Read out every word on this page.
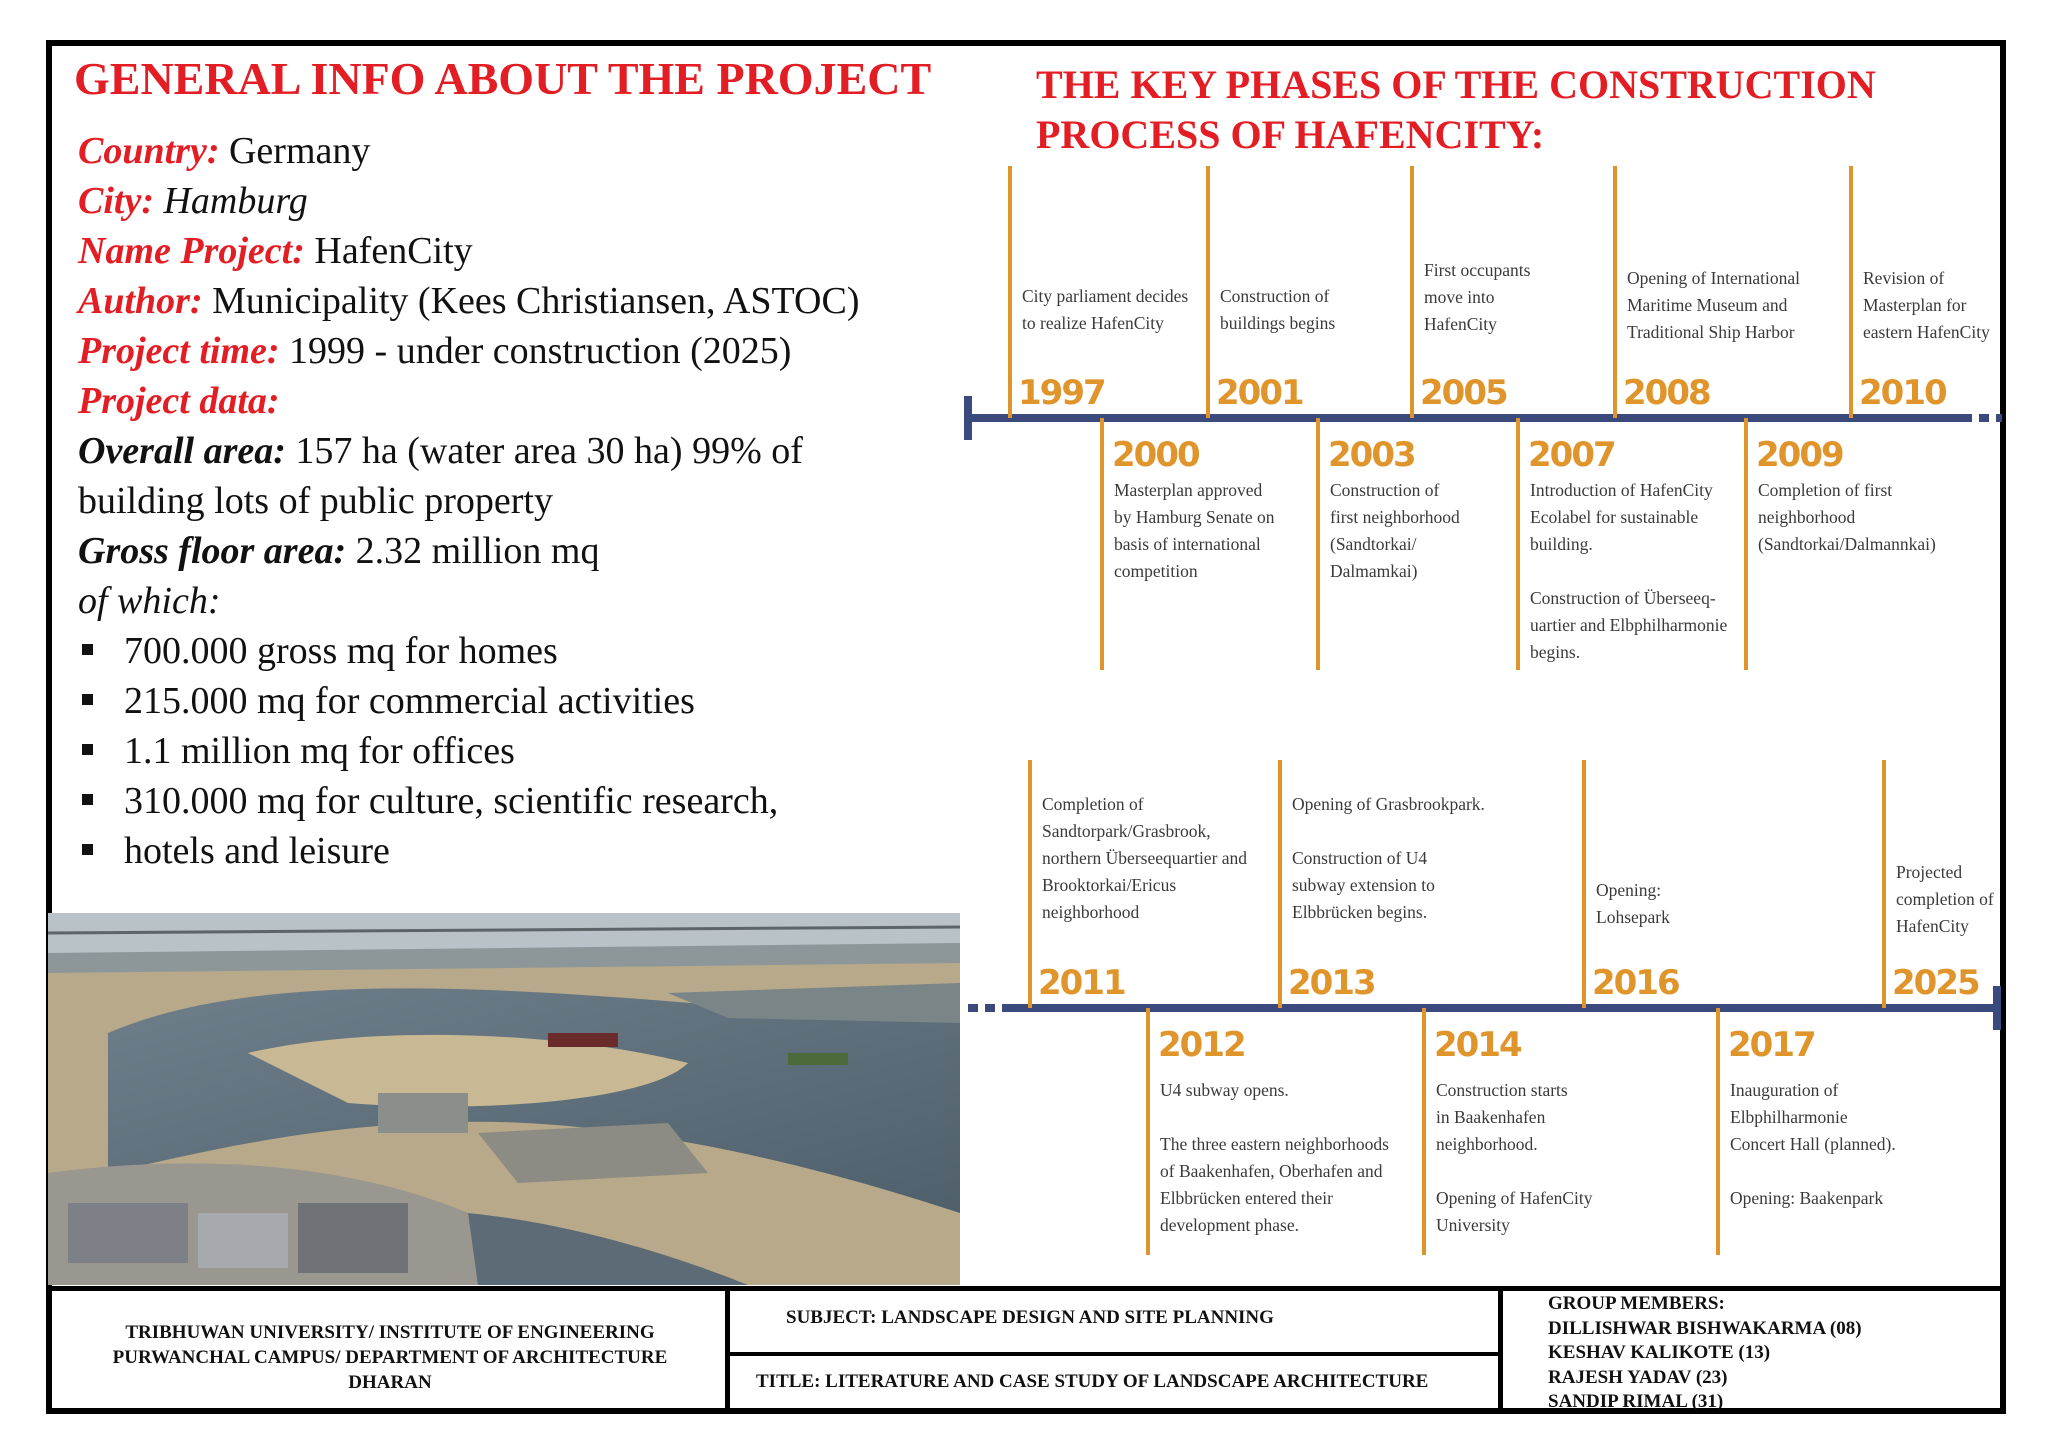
GENERAL INFO ABOUT THE PROJECT
Country: Germany
City: Hamburg
Name Project: HafenCity
Author: Municipality (Kees Christiansen, ASTOC)
Project time: 1999 - under construction (2025)
Project data:
Overall area: 157 ha (water area 30 ha) 99% of
building lots of public property
Gross floor area: 2.32 million mq
of which:
700.000 gross mq for homes
215.000 mq for commercial activities
1.1 million mq for offices
310.000 mq for culture, scientific research,
hotels and leisure
THE KEY PHASES OF THE CONSTRUCTION PROCESS OF HAFENCITY:
1997
City parliament decides
to realize HafenCity
2001
Construction of
buildings begins
2005
First occupants
move into
HafenCity
2008
Opening of International
Maritime Museum and
Traditional Ship Harbor
2010
Revision of
Masterplan for
eastern HafenCity
2000
Masterplan approved
by Hamburg Senate on
basis of international
competition
2003
Construction of
first neighborhood
(Sandtorkai/
Dalmamkai)
2007
Introduction of HafenCity
Ecolabel for sustainable
building.
Construction of Überseeq-
uartier and Elbphilharmonie
begins.
2009
Completion of first
neighborhood
(Sandtorkai/Dalmannkai)
2011
Completion of
Sandtorpark/Grasbrook,
northern Überseequartier and
Brooktorkai/Ericus
neighborhood
2013
Opening of Grasbrookpark.
Construction of U4
subway extension to
Elbbrücken begins.
2016
Opening:
Lohsepark
2025
Projected
completion of
HafenCity
2012
U4 subway opens.
The three eastern neighborhoods
of Baakenhafen, Oberhafen and
Elbbrücken entered their
development phase.
2014
Construction starts
in Baakenhafen
neighborhood.
Opening of HafenCity
University
2017
Inauguration of
Elbphilharmonie
Concert Hall (planned).
Opening: Baakenpark
TRIBHUWAN UNIVERSITY/ INSTITUTE OF ENGINEERING
PURWANCHAL CAMPUS/ DEPARTMENT OF ARCHITECTURE
DHARAN
SUBJECT: LANDSCAPE DESIGN AND SITE PLANNING
TITLE: LITERATURE AND CASE STUDY OF LANDSCAPE ARCHITECTURE
GROUP MEMBERS:
DILLISHWAR BISHWAKARMA (08)
KESHAV KALIKOTE (13)
RAJESH YADAV (23)
SANDIP RIMAL (31)
